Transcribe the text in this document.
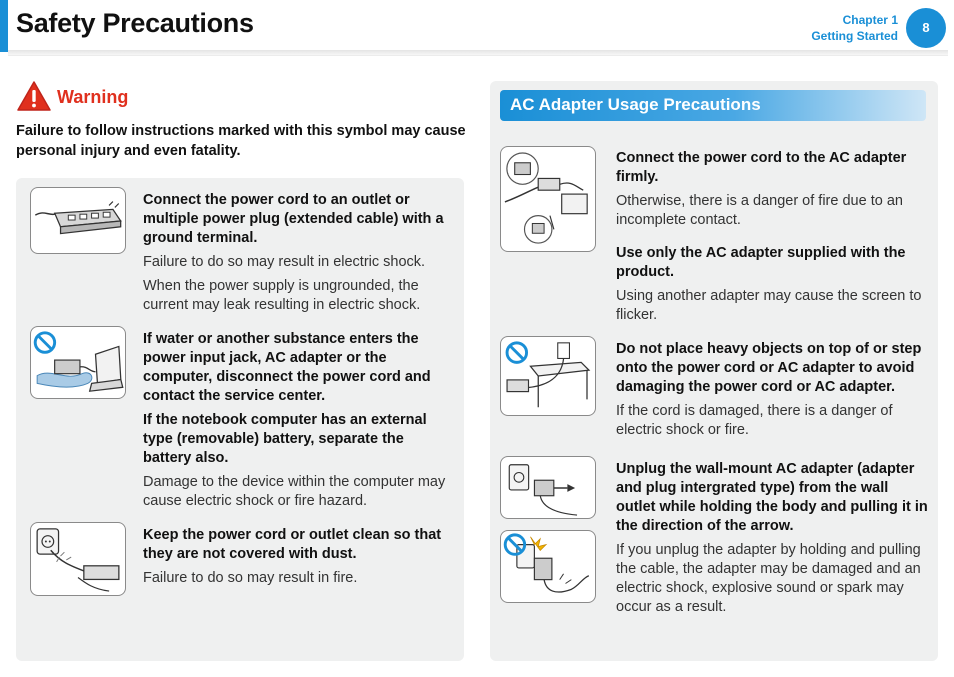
Safety Precautions	Chapter 1
Getting Started
8
Warning
Failure to follow instructions marked with this symbol may cause personal injury and even fatality.
Connect the power cord to an outlet or multiple power plug (extended cable) with a ground terminal.
Failure to do so may result in electric shock.
When the power supply is ungrounded, the current may leak resulting in electric shock.
If water or another substance enters the power input jack, AC adapter or the computer, disconnect the power cord and contact the service center.
If the notebook computer has an external type (removable) battery, separate the battery also.
Damage to the device within the computer may cause electric shock or fire hazard.
Keep the power cord or outlet clean so that they are not covered with dust.
Failure to do so may result in fire.
AC Adapter Usage Precautions
Connect the power cord to the AC adapter firmly.
Otherwise, there is a danger of fire due to an incomplete contact.
Use only the AC adapter supplied with the product.
Using another adapter may cause the screen to flicker.
Do not place heavy objects on top of or step onto the power cord or AC adapter to avoid damaging the power cord or AC adapter.
If the cord is damaged, there is a danger of electric shock or fire.
Unplug the wall-mount AC adapter (adapter and plug intergrated type) from the wall outlet while holding the body and pulling it in the direction of the arrow.
If you unplug the adapter by holding and pulling the cable, the adapter may be damaged and an electric shock, explosive sound or spark may occur as a result.
